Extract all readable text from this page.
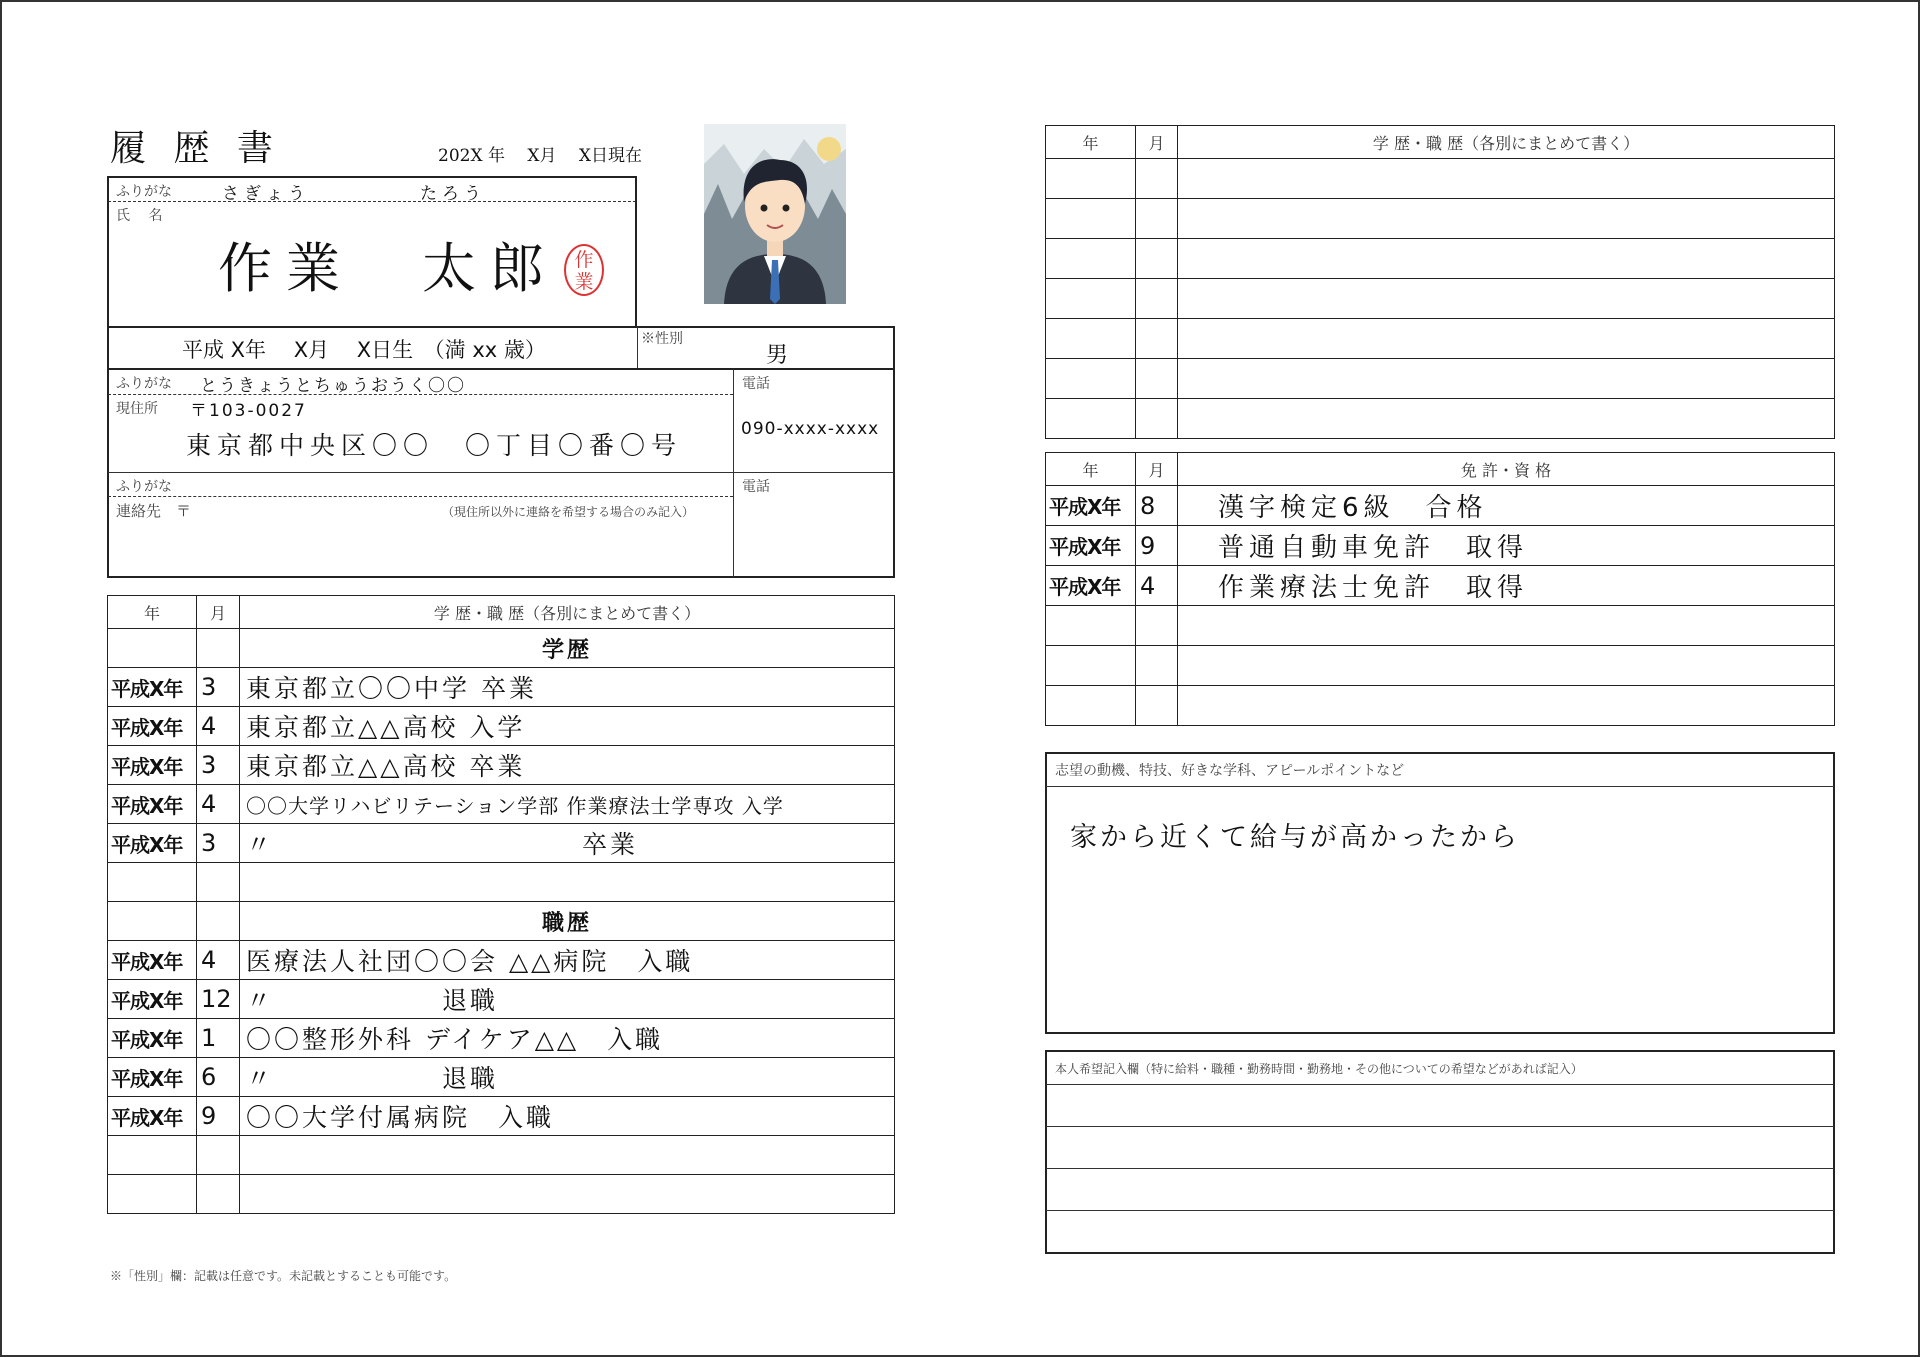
履 歴 書	202X 年　 X月　 X日現在
ふりがな	さぎょう　　　　　たろう
氏　 名
作業　太郎 作業
平成 X年　 X月　 X日生　（満 xx 歳）	※性別
男
ふりがな とうきょうとちゅうおうく〇〇
現住所 〒103-0027
東京都中央区〇〇　〇丁目〇番〇号
電話
090-xxxx-xxxx
ふりがな
連絡先　〒	（現住所以外に連絡を希望する場合のみ記入）
電話
年	月	学 歴・職 歴（各別にまとめて書く）
		学歴
平成X年	3	東京都立〇〇中学 卒業
平成X年	4	東京都立△△高校 入学
平成X年	3	東京都立△△高校 卒業
平成X年	4	〇〇大学リハビリテーション学部 作業療法士学専攻 入学
平成X年	3	〃　　　　　　　　　　　卒業

		職歴
平成X年	4	医療法人社団〇〇会 △△病院　入職
平成X年	12	〃　　　　　　退職
平成X年	1	〇〇整形外科 デイケア△△　入職
平成X年	6	〃　　　　　　退職
平成X年	9	〇〇大学付属病院　入職

※「性別」欄：記載は任意です。未記載とすることも可能です。
年	月	学 歴・職 歴（各別にまとめて書く）

年	月	免 許・資 格
平成X年	8	漢字検定6級　合格
平成X年	9	普通自動車免許　取得
平成X年	4	作業療法士免許　取得

志望の動機、特技、好きな学科、アピールポイントなど
家から近くて給与が高かったから
本人希望記入欄（特に給料・職種・勤務時間・勤務地・その他についての希望などがあれば記入）
